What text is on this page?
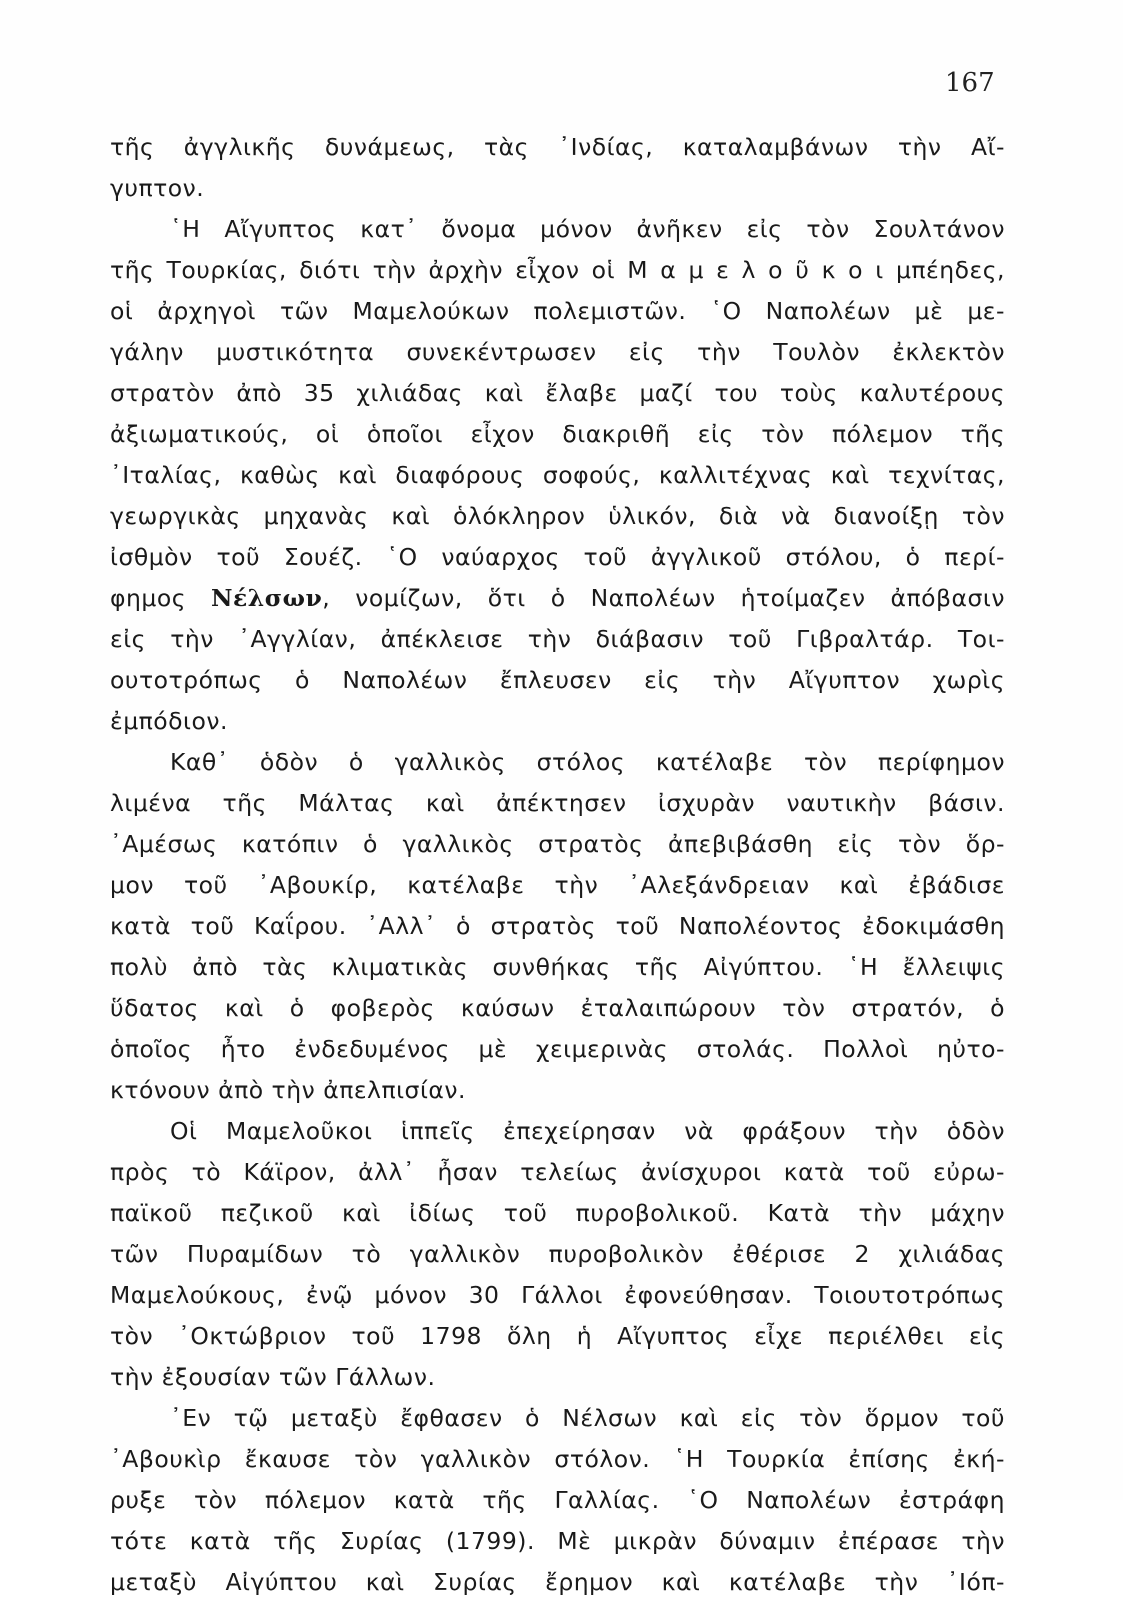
167
τῆς ἀγγλικῆς δυνάμεως, τὰς ᾿Ινδίας, καταλαμβάνων τὴν Αἴ-
γυπτον.
῾Η Αἴγυπτος κατ᾿ ὄνομα μόνον ἀνῆκεν εἰς τὸν Σουλτάνον
τῆς Τουρκίας, διότι τὴν ἀρχὴν εἶχον οἱ Μ α μ ε λ ο ῦ κ ο ι μπέηδες,
οἱ ἀρχηγοὶ τῶν Μαμελούκων πολεμιστῶν. ῾Ο Ναπολέων μὲ με-
γάλην μυστικότητα συνεκέντρωσεν εἰς τὴν Τουλὸν ἐκλεκτὸν
στρατὸν ἀπὸ 35 χιλιάδας καὶ ἔλαβε μαζί του τοὺς καλυτέρους
ἀξιωματικούς, οἱ ὁποῖοι εἶχον διακριθῆ εἰς τὸν πόλεμον τῆς
᾿Ιταλίας, καθὼς καὶ διαφόρους σοφούς, καλλιτέχνας καὶ τεχνίτας,
γεωργικὰς μηχανὰς καὶ ὁλόκληρον ὑλικόν, διὰ νὰ διανοίξῃ τὸν
ἰσθμὸν τοῦ Σουέζ. ῾Ο ναύαρχος τοῦ ἀγγλικοῦ στόλου, ὁ περί-
φημος Νέλσων, νομίζων, ὅτι ὁ Ναπολέων ἡτοίμαζεν ἀπόβασιν
εἰς τὴν ᾿Αγγλίαν, ἀπέκλεισε τὴν διάβασιν τοῦ Γιβραλτάρ. Τοι-
ουτοτρόπως ὁ Ναπολέων ἔπλευσεν εἰς τὴν Αἴγυπτον χωρὶς
ἐμπόδιον.
Καθ᾿ ὁδὸν ὁ γαλλικὸς στόλος κατέλαβε τὸν περίφημον
λιμένα τῆς Μάλτας καὶ ἀπέκτησεν ἰσχυρὰν ναυτικὴν βάσιν.
᾿Αμέσως κατόπιν ὁ γαλλικὸς στρατὸς ἀπεβιβάσθη εἰς τὸν ὅρ-
μον τοῦ ᾿Αβουκίρ, κατέλαβε τὴν ᾿Αλεξάνδρειαν καὶ ἐβάδισε
κατὰ τοῦ Καΐρου. ᾿Αλλ᾿ ὁ στρατὸς τοῦ Ναπολέοντος ἐδοκιμάσθη
πολὺ ἀπὸ τὰς κλιματικὰς συνθήκας τῆς Αἰγύπτου. ῾Η ἔλλειψις
ὕδατος καὶ ὁ φοβερὸς καύσων ἐταλαιπώρουν τὸν στρατόν, ὁ
ὁποῖος ἦτο ἐνδεδυμένος μὲ χειμερινὰς στολάς. Πολλοὶ ηὐτο-
κτόνουν ἀπὸ τὴν ἀπελπισίαν.
Οἱ Μαμελοῦκοι ἱππεῖς ἐπεχείρησαν νὰ φράξουν τὴν ὁδὸν
πρὸς τὸ Κάϊρον, ἀλλ᾿ ἦσαν τελείως ἀνίσχυροι κατὰ τοῦ εὐρω-
παϊκοῦ πεζικοῦ καὶ ἰδίως τοῦ πυροβολικοῦ. Κατὰ τὴν μάχην
τῶν Πυραμίδων τὸ γαλλικὸν πυροβολικὸν ἐθέρισε 2 χιλιάδας
Μαμελούκους, ἐνῷ μόνον 30 Γάλλοι ἐφονεύθησαν. Τοιουτοτρόπως
τὸν ᾿Οκτώβριον τοῦ 1798 ὅλη ἡ Αἴγυπτος εἶχε περιέλθει εἰς
τὴν ἐξουσίαν τῶν Γάλλων.
᾿Εν τῷ μεταξὺ ἔφθασεν ὁ Νέλσων καὶ εἰς τὸν ὅρμον τοῦ
᾿Αβουκὶρ ἔκαυσε τὸν γαλλικὸν στόλον. ῾Η Τουρκία ἐπίσης ἐκή-
ρυξε τὸν πόλεμον κατὰ τῆς Γαλλίας. ῾Ο Ναπολέων ἐστράφη
τότε κατὰ τῆς Συρίας (1799). Μὲ μικρὰν δύναμιν ἐπέρασε τὴν
μεταξὺ Αἰγύπτου καὶ Συρίας ἔρημον καὶ κατέλαβε τὴν ᾿Ιόπ-
